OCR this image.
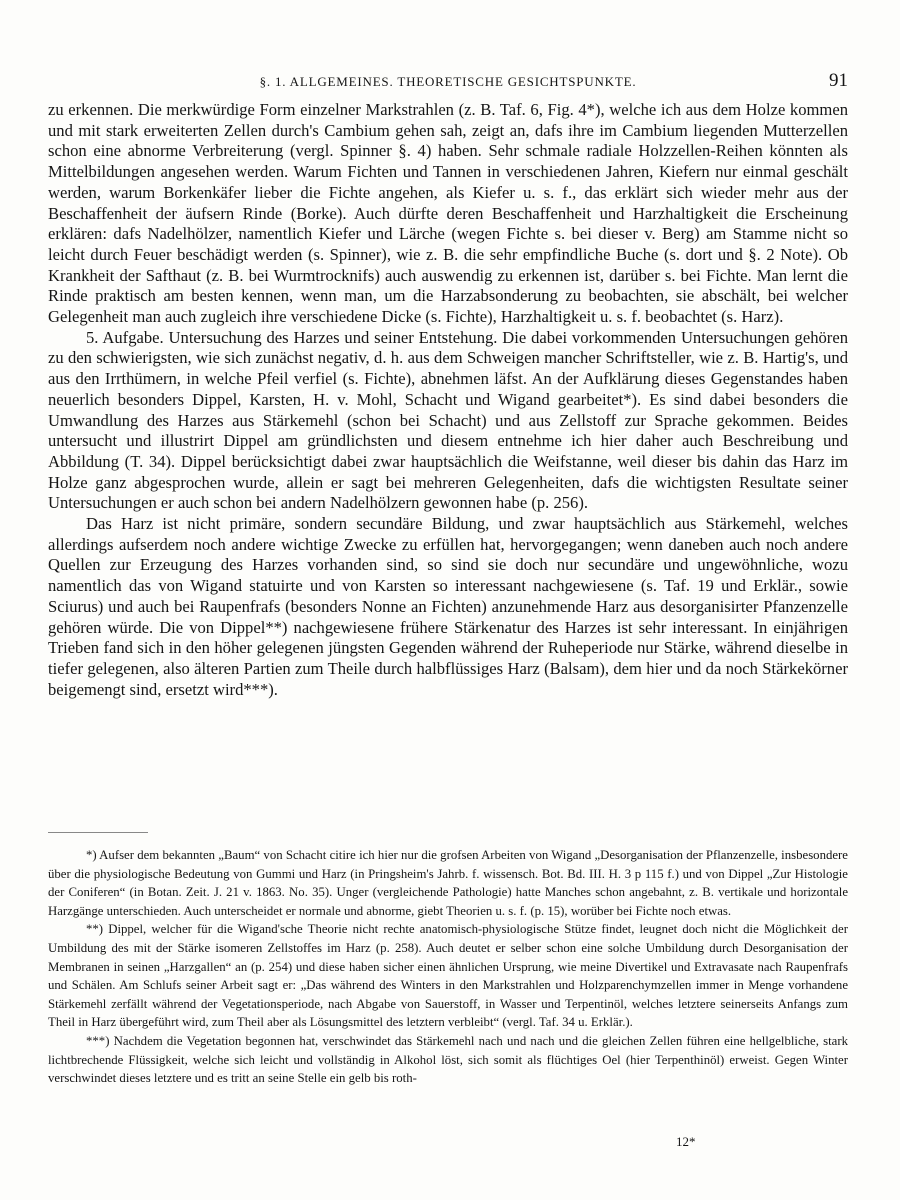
§. 1. ALLGEMEINES. THEORETISCHE GESICHTSPUNKTE.	91

zu erkennen. Die merkwürdige Form einzelner Markstrahlen (z. B. Taf. 6, Fig. 4*), welche ich aus dem Holze kommen und mit stark erweiterten Zellen durch's Cambium gehen sah, zeigt an, dafs ihre im Cambium liegenden Mutterzellen schon eine abnorme Verbreiterung (vergl. Spinner §. 4) haben. Sehr schmale radiale Holzzellen-Reihen könnten als Mittelbildungen angesehen werden. Warum Fichten und Tannen in verschiedenen Jahren, Kiefern nur einmal geschält werden, warum Borkenkäfer lieber die Fichte angehen, als Kiefer u. s. f., das erklärt sich wieder mehr aus der Beschaffenheit der äufsern Rinde (Borke). Auch dürfte deren Beschaffenheit und Harzhaltigkeit die Erscheinung erklären: dafs Nadelhölzer, namentlich Kiefer und Lärche (wegen Fichte s. bei dieser v. Berg) am Stamme nicht so leicht durch Feuer beschädigt werden (s. Spinner), wie z. B. die sehr empfindliche Buche (s. dort und §. 2 Note). Ob Krankheit der Safthaut (z. B. bei Wurmtrocknifs) auch auswendig zu erkennen ist, darüber s. bei Fichte. Man lernt die Rinde praktisch am besten kennen, wenn man, um die Harzabsonderung zu beobachten, sie abschält, bei welcher Gelegenheit man auch zugleich ihre verschiedene Dicke (s. Fichte), Harzhaltigkeit u. s. f. beobachtet (s. Harz).

5. Aufgabe. Untersuchung des Harzes und seiner Entstehung. Die dabei vorkommenden Untersuchungen gehören zu den schwierigsten, wie sich zunächst negativ, d. h. aus dem Schweigen mancher Schriftsteller, wie z. B. Hartig's, und aus den Irrthümern, in welche Pfeil verfiel (s. Fichte), abnehmen läfst. An der Aufklärung dieses Gegenstandes haben neuerlich besonders Dippel, Karsten, H. v. Mohl, Schacht und Wigand gearbeitet*). Es sind dabei besonders die Umwandlung des Harzes aus Stärkemehl (schon bei Schacht) und aus Zellstoff zur Sprache gekommen. Beides untersucht und illustrirt Dippel am gründlichsten und diesem entnehme ich hier daher auch Beschreibung und Abbildung (T. 34). Dippel berücksichtigt dabei zwar hauptsächlich die Weifstanne, weil dieser bis dahin das Harz im Holze ganz abgesprochen wurde, allein er sagt bei mehreren Gelegenheiten, dafs die wichtigsten Resultate seiner Untersuchungen er auch schon bei andern Nadelhölzern gewonnen habe (p. 256).

Das Harz ist nicht primäre, sondern secundäre Bildung, und zwar hauptsächlich aus Stärkemehl, welches allerdings aufserdem noch andere wichtige Zwecke zu erfüllen hat, hervorgegangen; wenn daneben auch noch andere Quellen zur Erzeugung des Harzes vorhanden sind, so sind sie doch nur secundäre und ungewöhnliche, wozu namentlich das von Wigand statuirte und von Karsten so interessant nachgewiesene (s. Taf. 19 und Erklär., sowie Sciurus) und auch bei Raupenfrafs (besonders Nonne an Fichten) anzunehmende Harz aus desorganisirter Pfanzenzelle gehören würde. Die von Dippel**) nachgewiesene frühere Stärkenatur des Harzes ist sehr interessant. In einjährigen Trieben fand sich in den höher gelegenen jüngsten Gegenden während der Ruheperiode nur Stärke, während dieselbe in tiefer gelegenen, also älteren Partien zum Theile durch halbflüssiges Harz (Balsam), dem hier und da noch Stärkekörner beigemengt sind, ersetzt wird***).

*) Aufser dem bekannten „Baum“ von Schacht citire ich hier nur die grofsen Arbeiten von Wigand „Desorganisation der Pflanzenzelle, insbesondere über die physiologische Bedeutung von Gummi und Harz (in Pringsheim's Jahrb. f. wissensch. Bot. Bd. III. H. 3 p 115 f.) und von Dippel „Zur Histologie der Coniferen“ (in Botan. Zeit. J. 21 v. 1863. No. 35). Unger (vergleichende Pathologie) hatte Manches schon angebahnt, z. B. vertikale und horizontale Harzgänge unterschieden. Auch unterscheidet er normale und abnorme, giebt Theorien u. s. f. (p. 15), worüber bei Fichte noch etwas.

**) Dippel, welcher für die Wigand'sche Theorie nicht rechte anatomisch-physiologische Stütze findet, leugnet doch nicht die Möglichkeit der Umbildung des mit der Stärke isomeren Zellstoffes im Harz (p. 258). Auch deutet er selber schon eine solche Umbildung durch Desorganisation der Membranen in seinen „Harzgallen“ an (p. 254) und diese haben sicher einen ähnlichen Ursprung, wie meine Divertikel und Extravasate nach Raupenfrafs und Schälen. Am Schlufs seiner Arbeit sagt er: „Das während des Winters in den Markstrahlen und Holzparenchymzellen immer in Menge vorhandene Stärkemehl zerfällt während der Vegetationsperiode, nach Abgabe von Sauerstoff, in Wasser und Terpentinöl, welches letztere seinerseits Anfangs zum Theil in Harz übergeführt wird, zum Theil aber als Lösungsmittel des letztern verbleibt“ (vergl. Taf. 34 u. Erklär.).

***) Nachdem die Vegetation begonnen hat, verschwindet das Stärkemehl nach und nach und die gleichen Zellen führen eine hellgelbliche, stark lichtbrechende Flüssigkeit, welche sich leicht und vollständig in Alkohol löst, sich somit als flüchtiges Oel (hier Terpenthinöl) erweist. Gegen Winter verschwindet dieses letztere und es tritt an seine Stelle ein gelb bis roth-

12*
